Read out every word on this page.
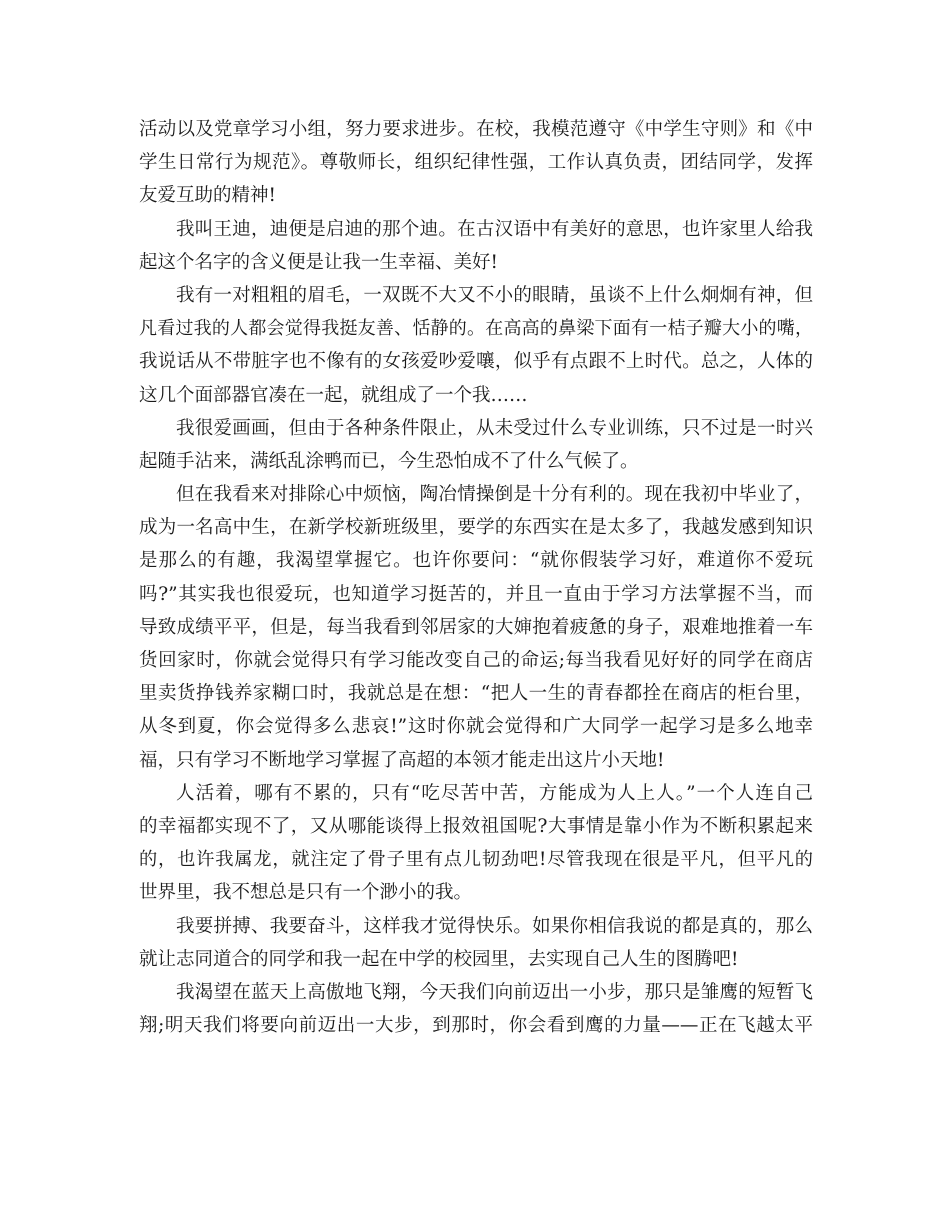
活动以及党章学习小组，努力要求进步。在校，我模范遵守《中学生守则》和《中
学生日常行为规范》。尊敬师长，组织纪律性强，工作认真负责，团结同学，发挥
友爱互助的精神!
我叫王迪，迪便是启迪的那个迪。在古汉语中有美好的意思，也许家里人给我
起这个名字的含义便是让我一生幸福、美好!
我有一对粗粗的眉毛，一双既不大又不小的眼睛，虽谈不上什么炯炯有神，但
凡看过我的人都会觉得我挺友善、恬静的。在高高的鼻梁下面有一桔子瓣大小的嘴，
我说话从不带脏字也不像有的女孩爱吵爱嚷，似乎有点跟不上时代。总之，人体的
这几个面部器官凑在一起，就组成了一个我……
我很爱画画，但由于各种条件限止，从未受过什么专业训练，只不过是一时兴
起随手沾来，满纸乱涂鸭而已，今生恐怕成不了什么气候了。
但在我看来对排除心中烦恼，陶冶情操倒是十分有利的。现在我初中毕业了，
成为一名高中生，在新学校新班级里，要学的东西实在是太多了，我越发感到知识
是那么的有趣，我渴望掌握它。也许你要问：“就你假装学习好，难道你不爱玩
吗?”其实我也很爱玩，也知道学习挺苦的，并且一直由于学习方法掌握不当，而
导致成绩平平，但是，每当我看到邻居家的大婶抱着疲惫的身子，艰难地推着一车
货回家时，你就会觉得只有学习能改变自己的命运;每当我看见好好的同学在商店
里卖货挣钱养家糊口时，我就总是在想：“把人一生的青春都拴在商店的柜台里，
从冬到夏，你会觉得多么悲哀!”这时你就会觉得和广大同学一起学习是多么地幸
福，只有学习不断地学习掌握了高超的本领才能走出这片小天地!
人活着，哪有不累的，只有“吃尽苦中苦，方能成为人上人。”一个人连自己
的幸福都实现不了，又从哪能谈得上报效祖国呢?大事情是靠小作为不断积累起来
的，也许我属龙，就注定了骨子里有点儿韧劲吧!尽管我现在很是平凡，但平凡的
世界里，我不想总是只有一个渺小的我。
我要拼搏、我要奋斗，这样我才觉得快乐。如果你相信我说的都是真的，那么
就让志同道合的同学和我一起在中学的校园里，去实现自己人生的图腾吧!
我渴望在蓝天上高傲地飞翔，今天我们向前迈出一小步，那只是雏鹰的短暂飞
翔;明天我们将要向前迈出一大步，到那时，你会看到鹰的力量——正在飞越太平
